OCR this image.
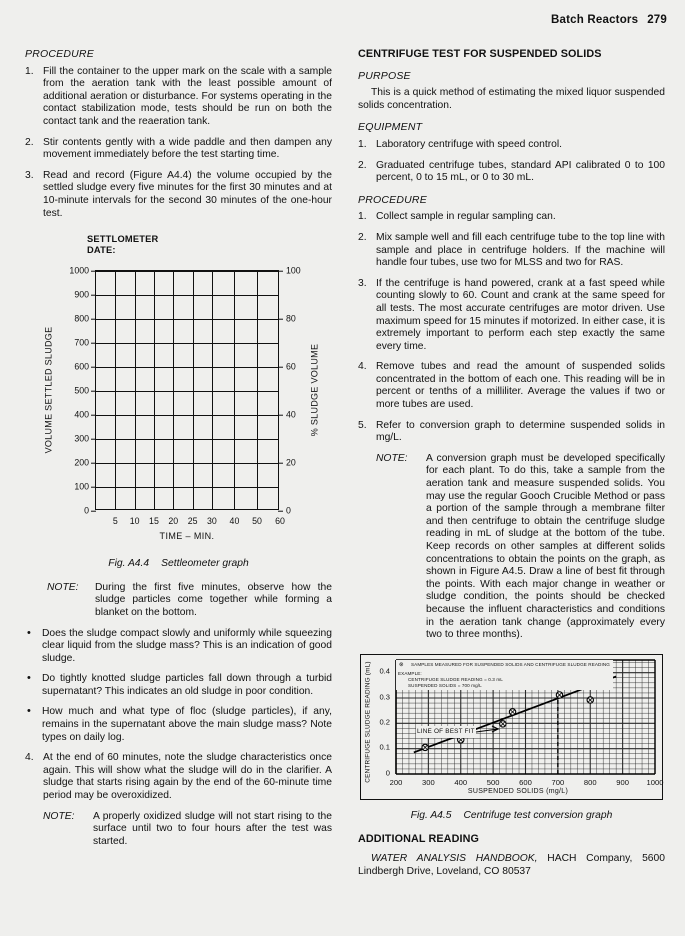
Batch Reactors 279
PROCEDURE
1. Fill the container to the upper mark on the scale with a sample from the aeration tank with the least possible amount of additional aeration or disturbance. For systems operating in the contact stabilization mode, tests should be run on both the contact tank and the reaeration tank.
2. Stir contents gently with a wide paddle and then dampen any movement immediately before the test starting time.
3. Read and record (Figure A4.4) the volume occupied by the settled sludge every five minutes for the first 30 minutes and at 10-minute intervals for the second 30 minutes of the one-hour test.
SETTLOMETER
DATE:
0
100
200
300
400
500
600
700
800
900
1000
0
20
40
60
80
100
5 10 15 20 25 30 40 50 60
VOLUME SETTLED SLUDGE	% SLUDGE VOLUME
TIME – MIN.
Fig. A4.4 Settleometer graph
NOTE: During the first five minutes, observe how the sludge particles come together while forming a blanket on the bottom.
• Does the sludge compact slowly and uniformly while squeezing clear liquid from the sludge mass? This is an indication of good sludge.
• Do tightly knotted sludge particles fall down through a turbid supernatant? This indicates an old sludge in poor condition.
• How much and what type of floc (sludge particles), if any, remains in the supernatant above the main sludge mass? Note types on daily log.
4. At the end of 60 minutes, note the sludge characteristics once again. This will show what the sludge will do in the clarifier. A sludge that starts rising again by the end of the 60-minute time period may be overoxidized.
NOTE: A properly oxidized sludge will not start rising to the surface until two to four hours after the test was started.
CENTRIFUGE TEST FOR SUSPENDED SOLIDS
PURPOSE

This is a quick method of estimating the mixed liquor suspended solids concentration.

EQUIPMENT
1. Laboratory centrifuge with speed control.
2. Graduated centrifuge tubes, standard API calibrated 0 to 100 percent, 0 to 15 mL, or 0 to 30 mL.
PROCEDURE
1. Collect sample in regular sampling can.
2. Mix sample well and fill each centrifuge tube to the top line with sample and place in centrifuge holders. If the machine will handle four tubes, use two for MLSS and two for RAS.
3. If the centrifuge is hand powered, crank at a fast speed while counting slowly to 60. Count and crank at the same speed for all tests. The most accurate centrifuges are motor driven. Use maximum speed for 15 minutes if motorized. In either case, it is extremely important to perform each step exactly the same every time.
4. Remove tubes and read the amount of suspended solids concentrated in the bottom of each one. This reading will be in percent or tenths of a milliliter. Average the values if two or more tubes are used.
5. Refer to conversion graph to determine suspended solids in mg/L.
NOTE: A conversion graph must be developed specifically for each plant. To do this, take a sample from the aeration tank and measure suspended solids. You may use the regular Gooch Crucible Method or pass a portion of the sample through a membrane filter and then centrifuge to obtain the centrifuge sludge reading in mL of sludge at the bottom of the tube. Keep records on other samples at different solids concentrations to obtain the points on the graph, as shown in Figure A4.5. Draw a line of best fit through the points. With each major change in weather or sludge condition, the points should be checked because the influent characteristics and conditions in the aeration tank change (approximately every two to three months).
CENTRIFUGE SLUDGE READING (mL)
SUSPENDED SOLIDS (mg/L)
⊗ SAMPLES MEASURED FOR SUSPENDED SOLIDS AND CENTRIFUGE SLUDGE READING
EXAMPLE:
CENTRIFUGE SLUDGE READING = 0.3 mL
SUSPENDED SOLIDS = 700 mg/L
LINE OF BEST FIT
0
0.1
0.2
0.3
0.4
200	300	400	500	600	700	800	900 1000
Fig. A4.5 Centrifuge test conversion graph
ADDITIONAL READING

WATER ANALYSIS HANDBOOK, HACH Company, 5600 Lindbergh Drive, Loveland, CO 80537
